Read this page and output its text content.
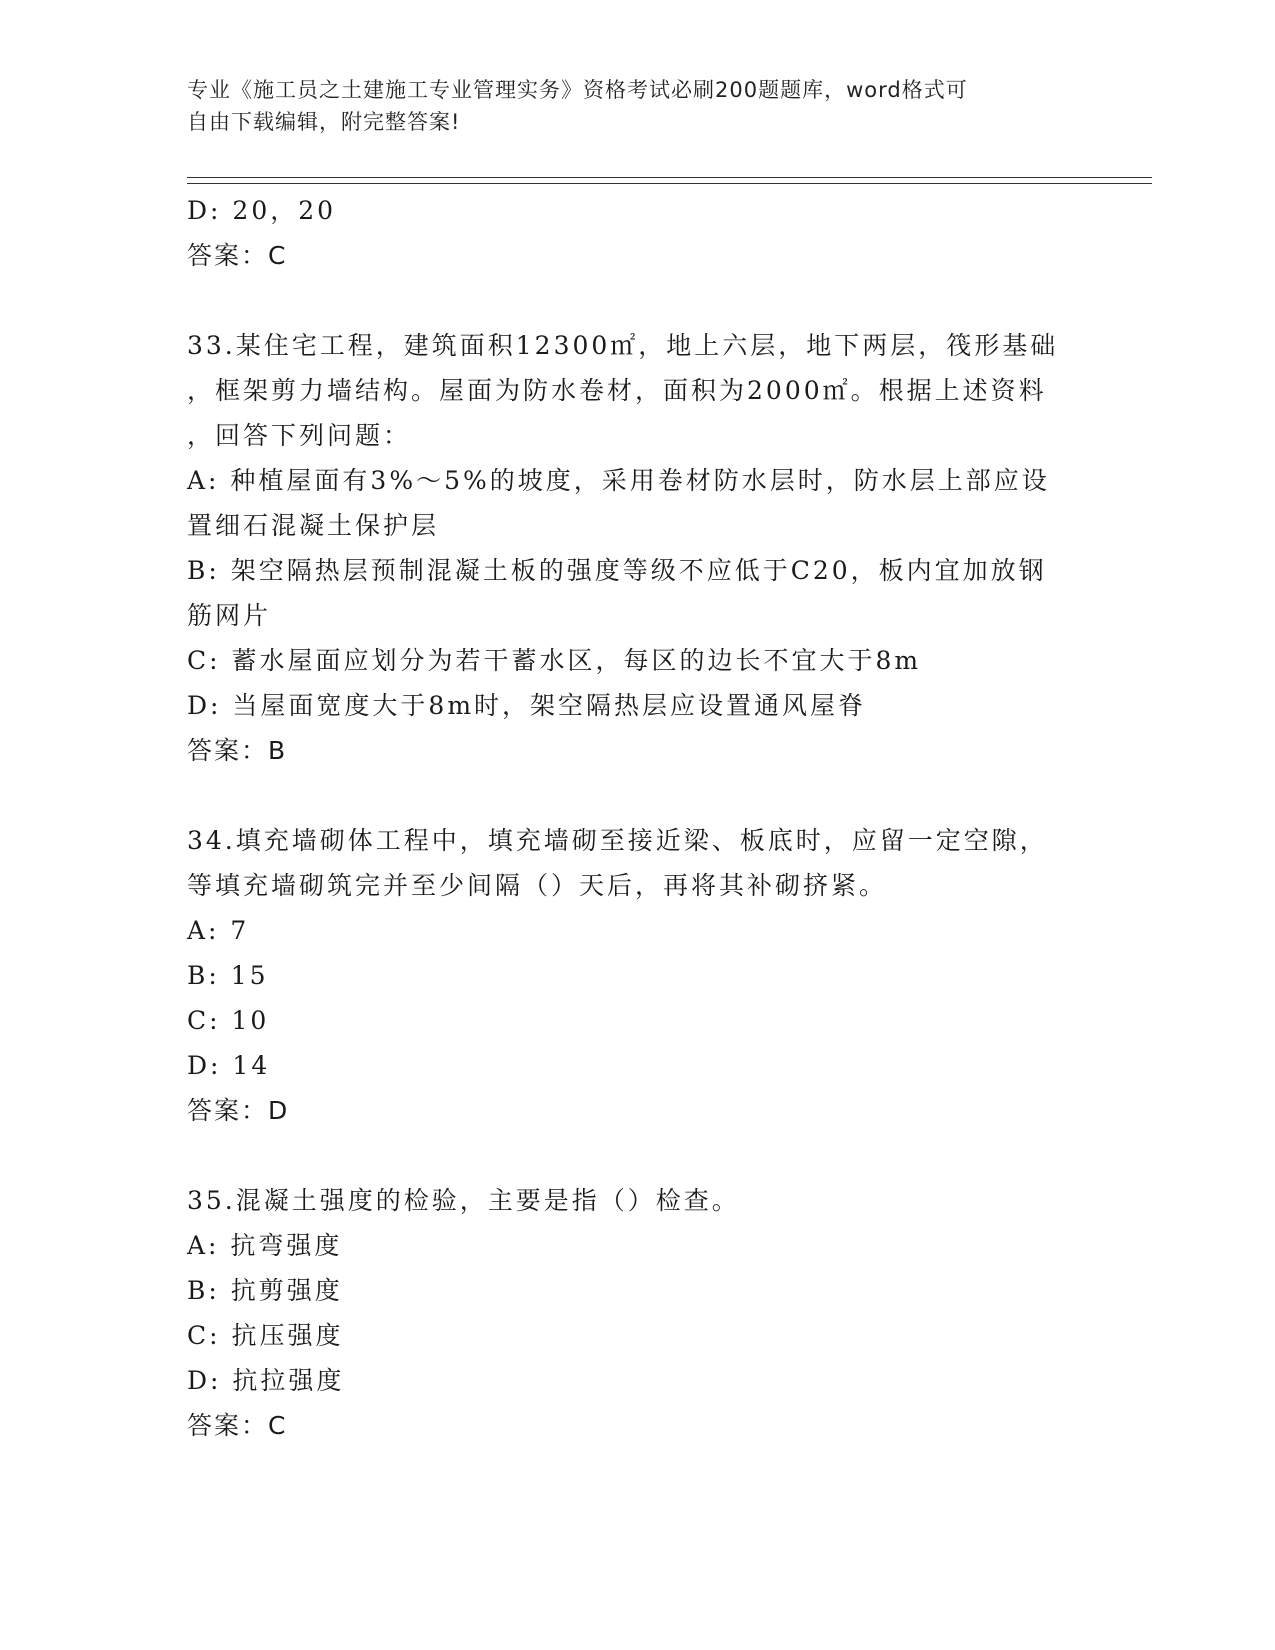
专业《施工员之土建施工专业管理实务》资格考试必刷200题题库，word格式可
自由下载编辑，附完整答案!
D: 20，20
答案：C
33.某住宅工程，建筑面积12300㎡，地上六层，地下两层，筏形基础
，框架剪力墙结构。屋面为防水卷材，面积为2000㎡。根据上述资料
，回答下列问题：
A: 种植屋面有3%～5%的坡度，采用卷材防水层时，防水层上部应设
置细石混凝土保护层
B: 架空隔热层预制混凝土板的强度等级不应低于C20，板内宜加放钢
筋网片
C: 蓄水屋面应划分为若干蓄水区，每区的边长不宜大于8m
D: 当屋面宽度大于8m时，架空隔热层应设置通风屋脊
答案：B
34.填充墙砌体工程中，填充墙砌至接近梁、板底时，应留一定空隙，
等填充墙砌筑完并至少间隔（）天后，再将其补砌挤紧。
A: 7
B: 15
C: 10
D: 14
答案：D
35.混凝土强度的检验，主要是指（）检查。
A: 抗弯强度
B: 抗剪强度
C: 抗压强度
D: 抗拉强度
答案：C
